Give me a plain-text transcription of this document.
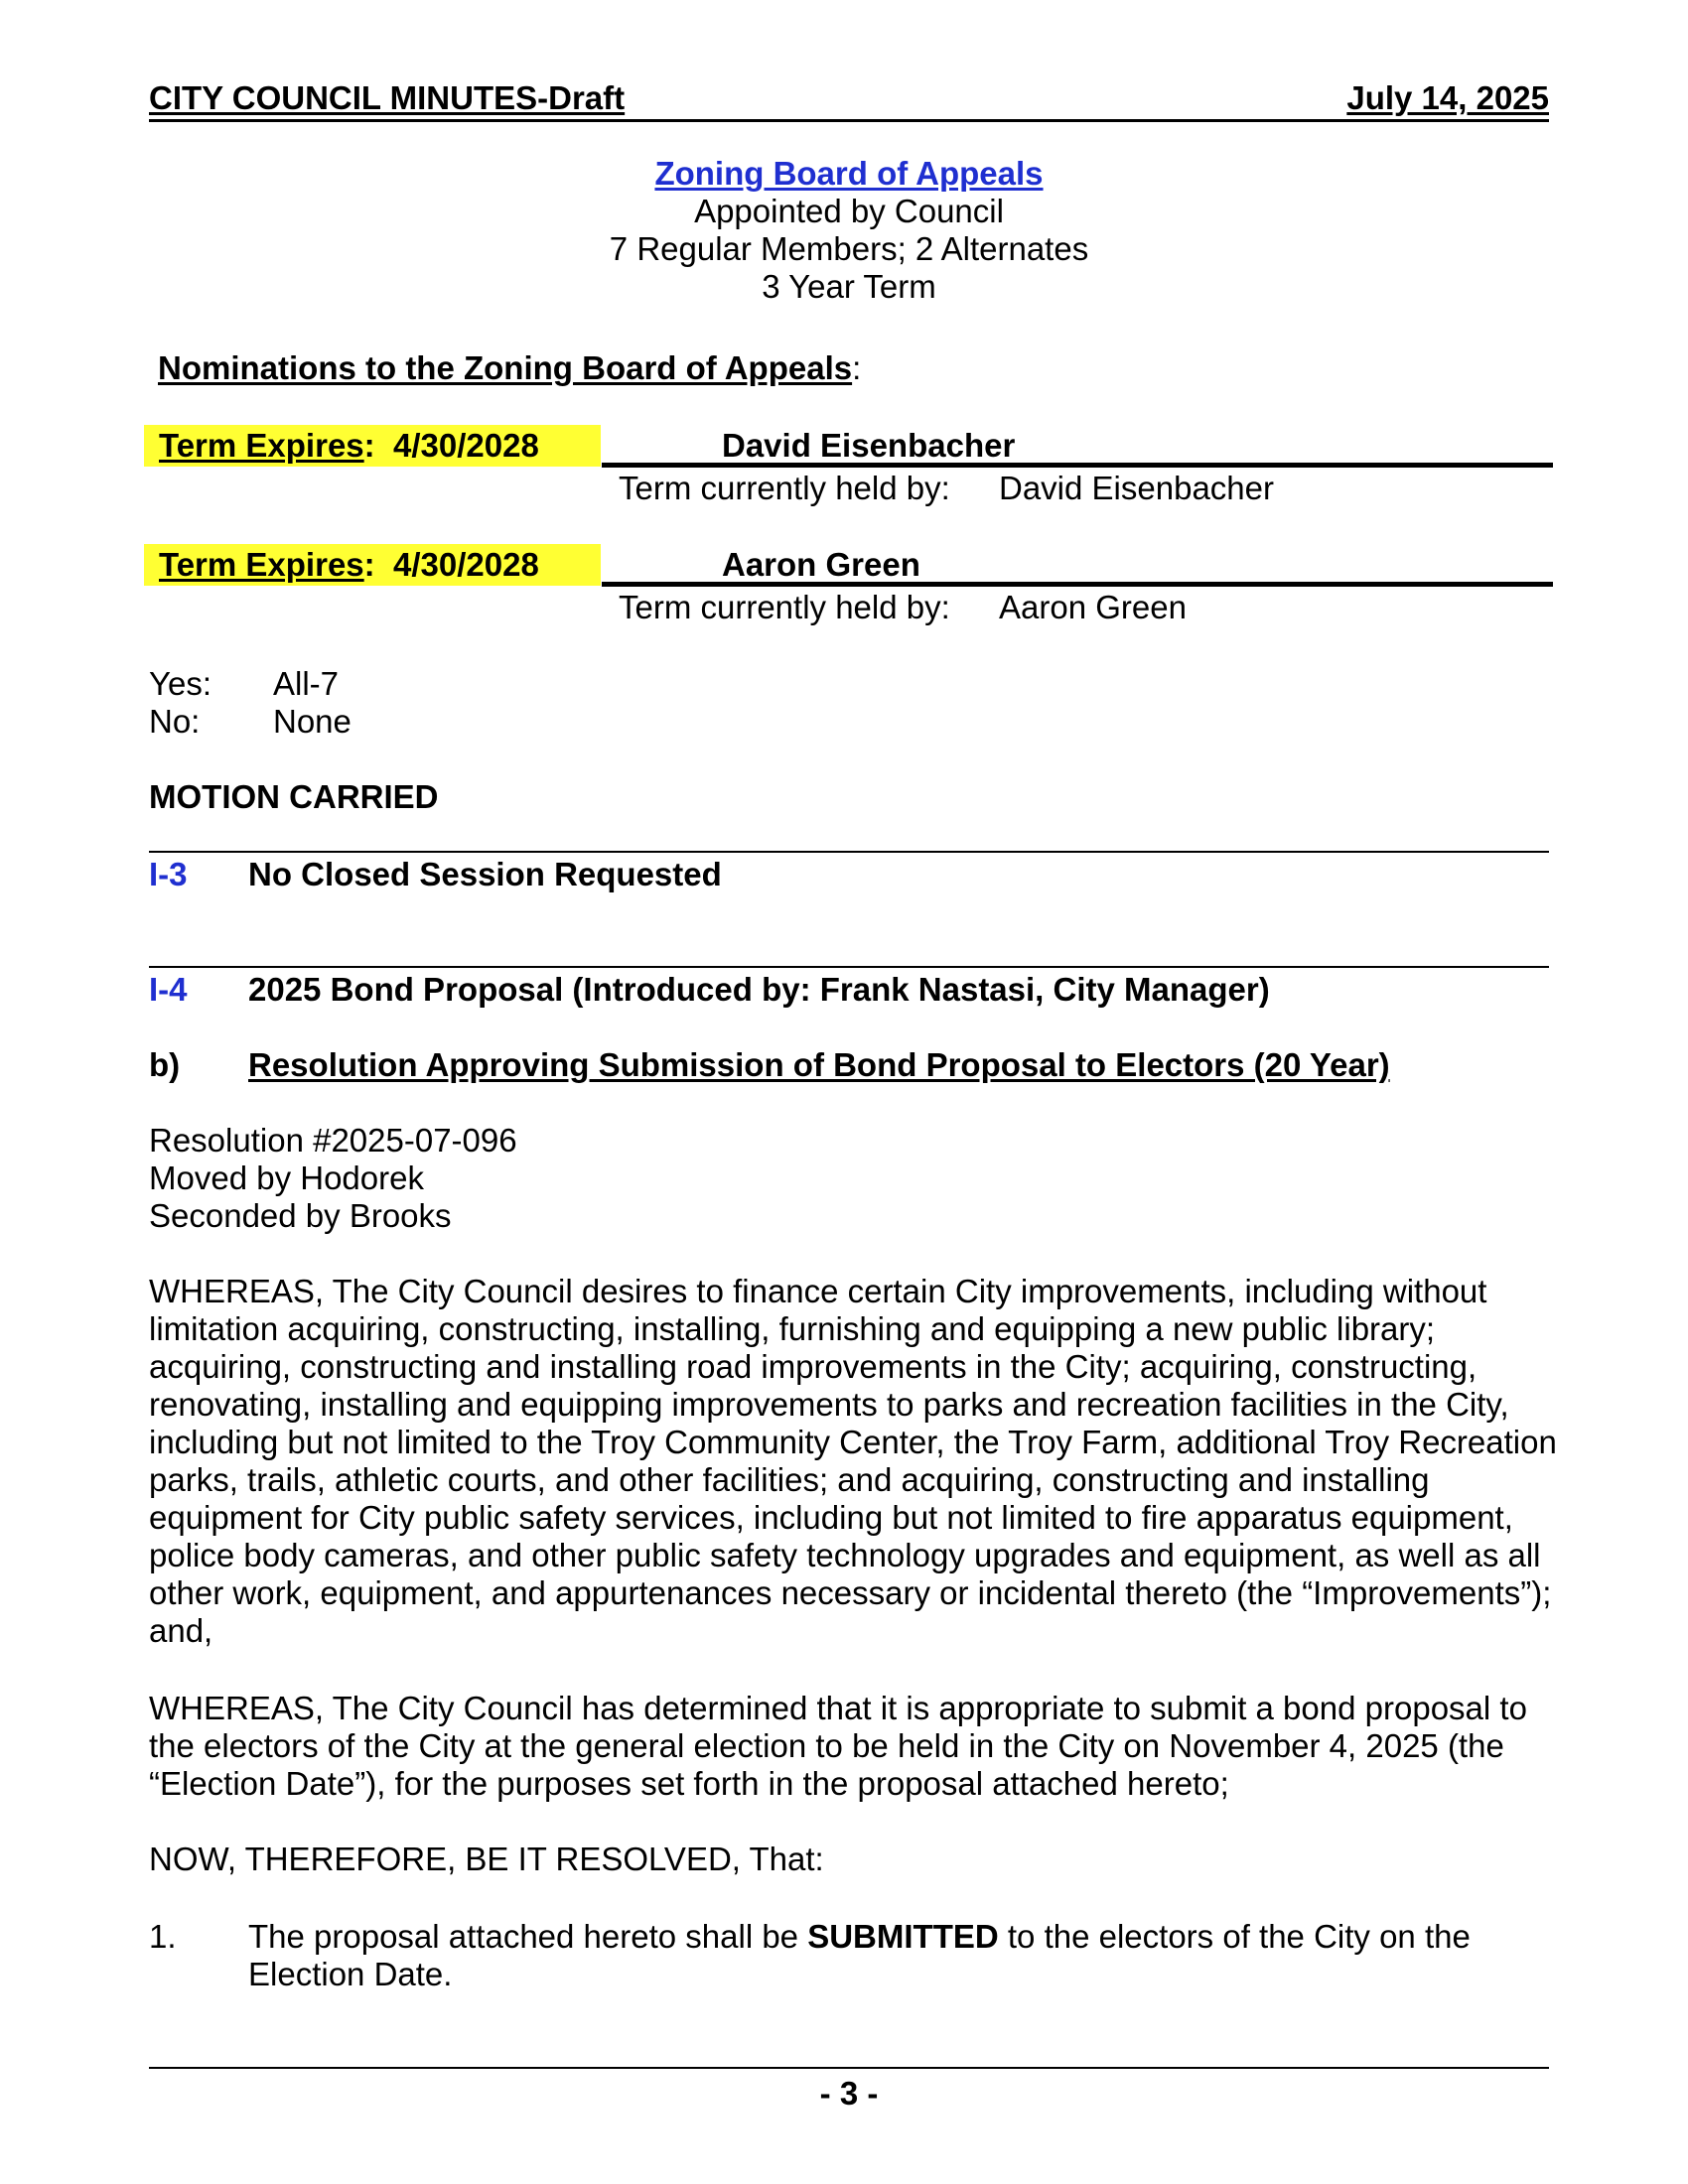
CITY COUNCIL MINUTES-Draft	July 14, 2025
Zoning Board of Appeals
Appointed by Council
7 Regular Members; 2 Alternates
3 Year Term
Nominations to the Zoning Board of Appeals:
Term Expires: 4/30/2028	David Eisenbacher
Term currently held by: David Eisenbacher
Term Expires: 4/30/2028	Aaron Green
Term currently held by: Aaron Green
Yes: All-7
No: None
MOTION CARRIED
I-3 No Closed Session Requested
I-4 2025 Bond Proposal (Introduced by: Frank Nastasi, City Manager)
b) Resolution Approving Submission of Bond Proposal to Electors (20 Year)
Resolution #2025-07-096
Moved by Hodorek
Seconded by Brooks
WHEREAS, The City Council desires to finance certain City improvements, including without limitation acquiring, constructing, installing, furnishing and equipping a new public library; acquiring, constructing and installing road improvements in the City; acquiring, constructing, renovating, installing and equipping improvements to parks and recreation facilities in the City, including but not limited to the Troy Community Center, the Troy Farm, additional Troy Recreation parks, trails, athletic courts, and other facilities; and acquiring, constructing and installing equipment for City public safety services, including but not limited to fire apparatus equipment, police body cameras, and other public safety technology upgrades and equipment, as well as all other work, equipment, and appurtenances necessary or incidental thereto (the “Improvements”); and,
WHEREAS, The City Council has determined that it is appropriate to submit a bond proposal to the electors of the City at the general election to be held in the City on November 4, 2025 (the “Election Date”), for the purposes set forth in the proposal attached hereto;
NOW, THEREFORE, BE IT RESOLVED, That:
1. The proposal attached hereto shall be SUBMITTED to the electors of the City on the Election Date.
- 3 -
